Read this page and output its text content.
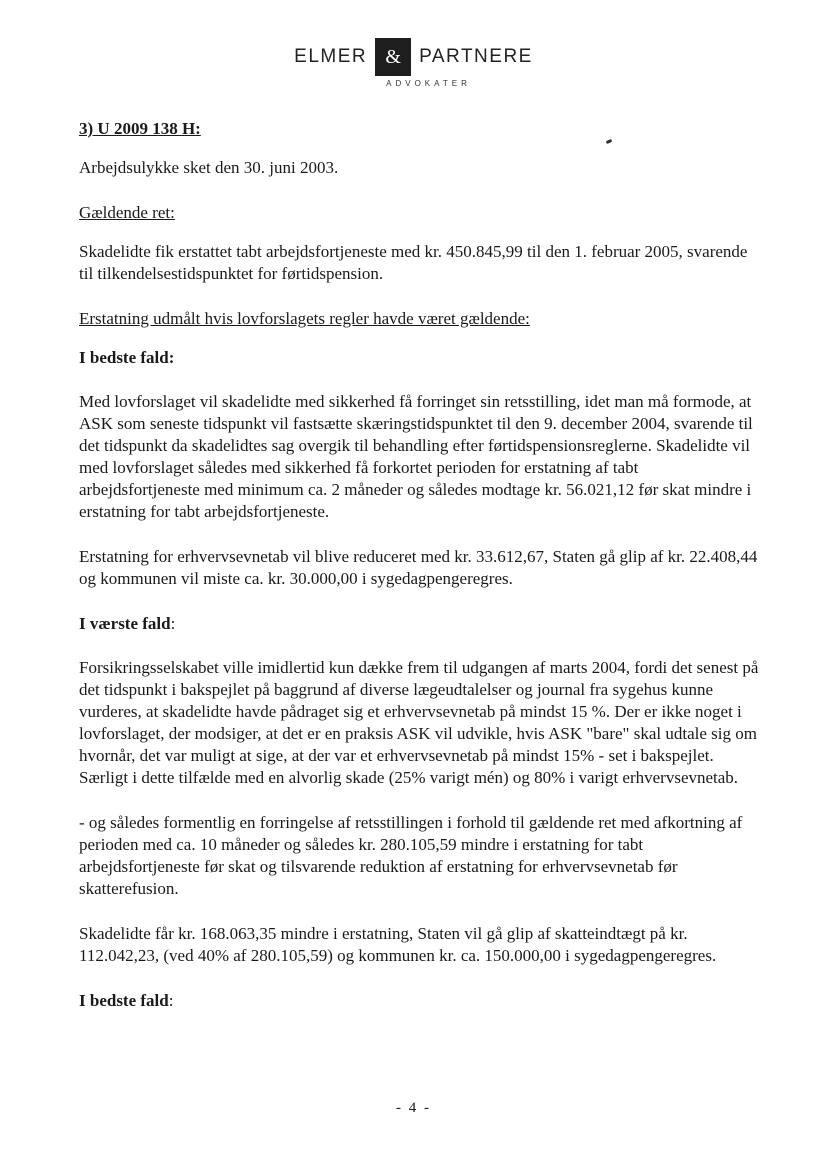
ELMER & PARTNERE
ADVOKATER

3) U 2009 138 H:

Arbejdsulykke sket den 30. juni 2003.

Gældende ret:

Skadelidte fik erstattet tabt arbejdsfortjeneste med kr. 450.845,99 til den 1. februar 2005, svarende til tilkendelsestidspunktet for førtidspension.

Erstatning udmålt hvis lovforslagets regler havde været gældende:

I bedste fald:

Med lovforslaget vil skadelidte med sikkerhed få forringet sin retsstilling, idet man må formode, at ASK som seneste tidspunkt vil fastsætte skæringstidspunktet til den 9. december 2004, svarende til det tidspunkt da skadelidtes sag overgik til behandling efter førtidspensionsreglerne. Skadelidte vil med lovforslaget således med sikkerhed få forkortet perioden for erstatning af tabt arbejdsfortjeneste med minimum ca. 2 måneder og således modtage kr. 56.021,12 før skat mindre i erstatning for tabt arbejdsfortjeneste.

Erstatning for erhvervsevnetab vil blive reduceret med kr. 33.612,67, Staten gå glip af kr. 22.408,44 og kommunen vil miste ca. kr. 30.000,00 i sygedagpengeregres.

I værste fald:

Forsikringsselskabet ville imidlertid kun dække frem til udgangen af marts 2004, fordi det senest på det tidspunkt i bakspejlet på baggrund af diverse lægeudtalelser og journal fra sygehus kunne vurderes, at skadelidte havde pådraget sig et erhvervsevnetab på mindst 15 %. Der er ikke noget i lovforslaget, der modsiger, at det er en praksis ASK vil udvikle, hvis ASK "bare" skal udtale sig om hvornår, det var muligt at sige, at der var et erhvervsevnetab på mindst 15% - set i bakspejlet. Særligt i dette tilfælde med en alvorlig skade (25% varigt mén) og 80% i varigt erhvervsevnetab.

- og således formentlig en forringelse af retsstillingen i forhold til gældende ret med afkortning af perioden med ca. 10 måneder og således kr. 280.105,59 mindre i erstatning for tabt arbejdsfortjeneste før skat og tilsvarende reduktion af erstatning for erhvervsevnetab før skatterefusion.

Skadelidte får kr. 168.063,35 mindre i erstatning, Staten vil gå glip af skatteindtægt på kr. 112.042,23, (ved 40% af 280.105,59) og kommunen kr. ca. 150.000,00 i sygedagpengeregres.

I bedste fald:

- 4 -
